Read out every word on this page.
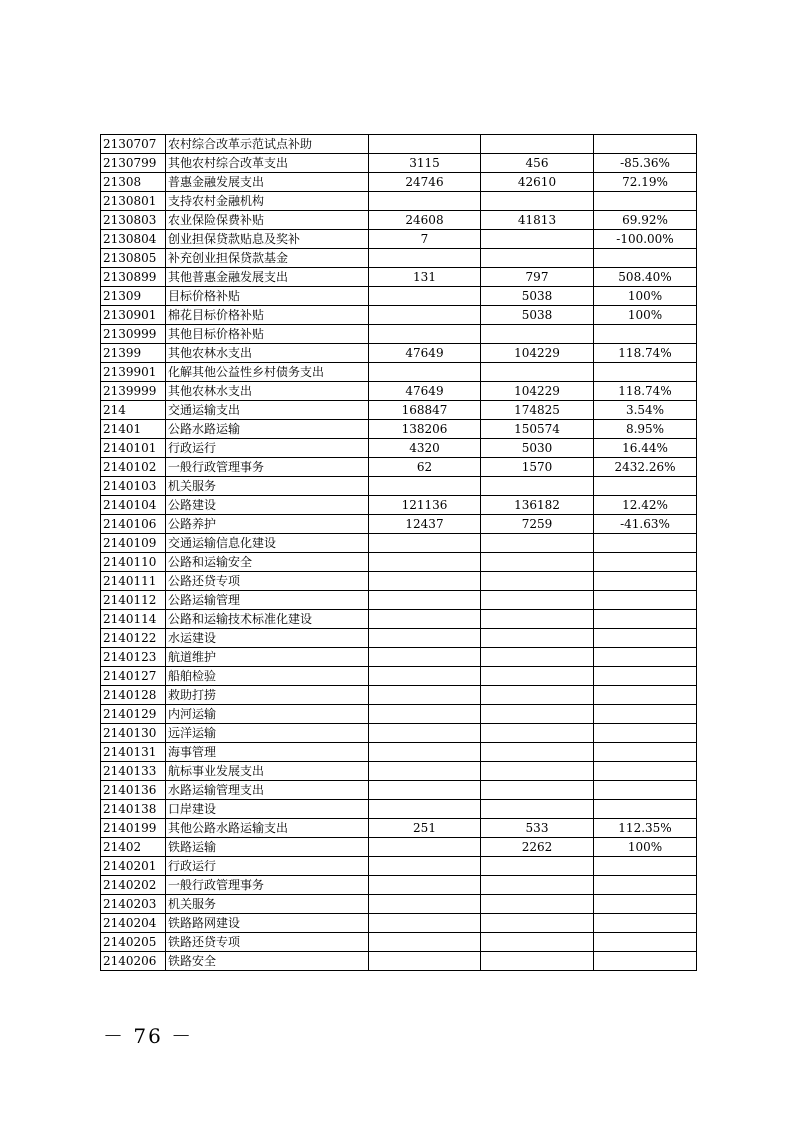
2130707	农村综合改革示范试点补助			
2130799	其他农村综合改革支出	3115	456	-85.36%
21308	普惠金融发展支出	24746	42610	72.19%
2130801	支持农村金融机构			
2130803	农业保险保费补贴	24608	41813	69.92%
2130804	创业担保贷款贴息及奖补	7		-100.00%
2130805	补充创业担保贷款基金			
2130899	其他普惠金融发展支出	131	797	508.40%
21309	目标价格补贴		5038	100%
2130901	棉花目标价格补贴		5038	100%
2130999	其他目标价格补贴			
21399	其他农林水支出	47649	104229	118.74%
2139901	化解其他公益性乡村债务支出			
2139999	其他农林水支出	47649	104229	118.74%
214	交通运输支出	168847	174825	3.54%
21401	公路水路运输	138206	150574	8.95%
2140101	行政运行	4320	5030	16.44%
2140102	一般行政管理事务	62	1570	2432.26%
2140103	机关服务			
2140104	公路建设	121136	136182	12.42%
2140106	公路养护	12437	7259	-41.63%
2140109	交通运输信息化建设			
2140110	公路和运输安全			
2140111	公路还贷专项			
2140112	公路运输管理			
2140114	公路和运输技术标准化建设			
2140122	水运建设			
2140123	航道维护			
2140127	船舶检验			
2140128	救助打捞			
2140129	内河运输			
2140130	远洋运输			
2140131	海事管理			
2140133	航标事业发展支出			
2140136	水路运输管理支出			
2140138	口岸建设			
2140199	其他公路水路运输支出	251	533	112.35%
21402	铁路运输		2262	100%
2140201	行政运行			
2140202	一般行政管理事务			
2140203	机关服务			
2140204	铁路路网建设			
2140205	铁路还贷专项			
2140206	铁路安全			
－ 76 －
